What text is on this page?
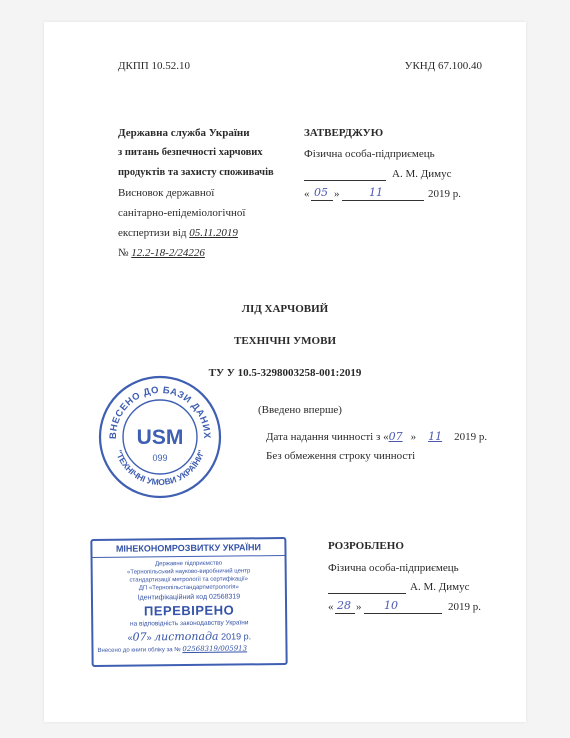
ДКПП 10.52.10	УКНД 67.100.40
Державна служба України
з питань безпечності харчових
продуктів та захисту споживачів
Висновок державної
санітарно-епідеміологічної
експертизи від 05.11.2019
№ 12.2-18-2/24226
ЗАТВЕРДЖУЮ
Фізична особа-підприємець
А. М. Димус
« 05 »	11	2019 р.
ЛІД ХАРЧОВИЙ
ТЕХНІЧНІ УМОВИ
ТУ У 10.5-3298003258-001:2019
(Введено вперше)
Дата надання чинності з «07 » 11 2019 р.
Без обмеження строку чинності
РОЗРОБЛЕНО
Фізична особа-підприємець
А. М. Димус
« 28 » 10	2019 р.
ВНЕСЕНО ДО БАЗИ ДАНИХ
"ТЕХНІЧНІ УМОВИ УКРАЇНИ"
USM
099
МІНЕКОНОМРОЗВИТКУ УКРАЇНИ
Державне підприємство
«Тернопільський науково-виробничий центр
стандартизації метрології та сертифікації»
ДП «Тернопільстандартметрологія»
Ідентифікаційний код 02568319
ПЕРЕВІРЕНО
на відповідність законодавству України
«07» листопада 2019 р.
Внесено до книги обліку за № 02568319/005913
